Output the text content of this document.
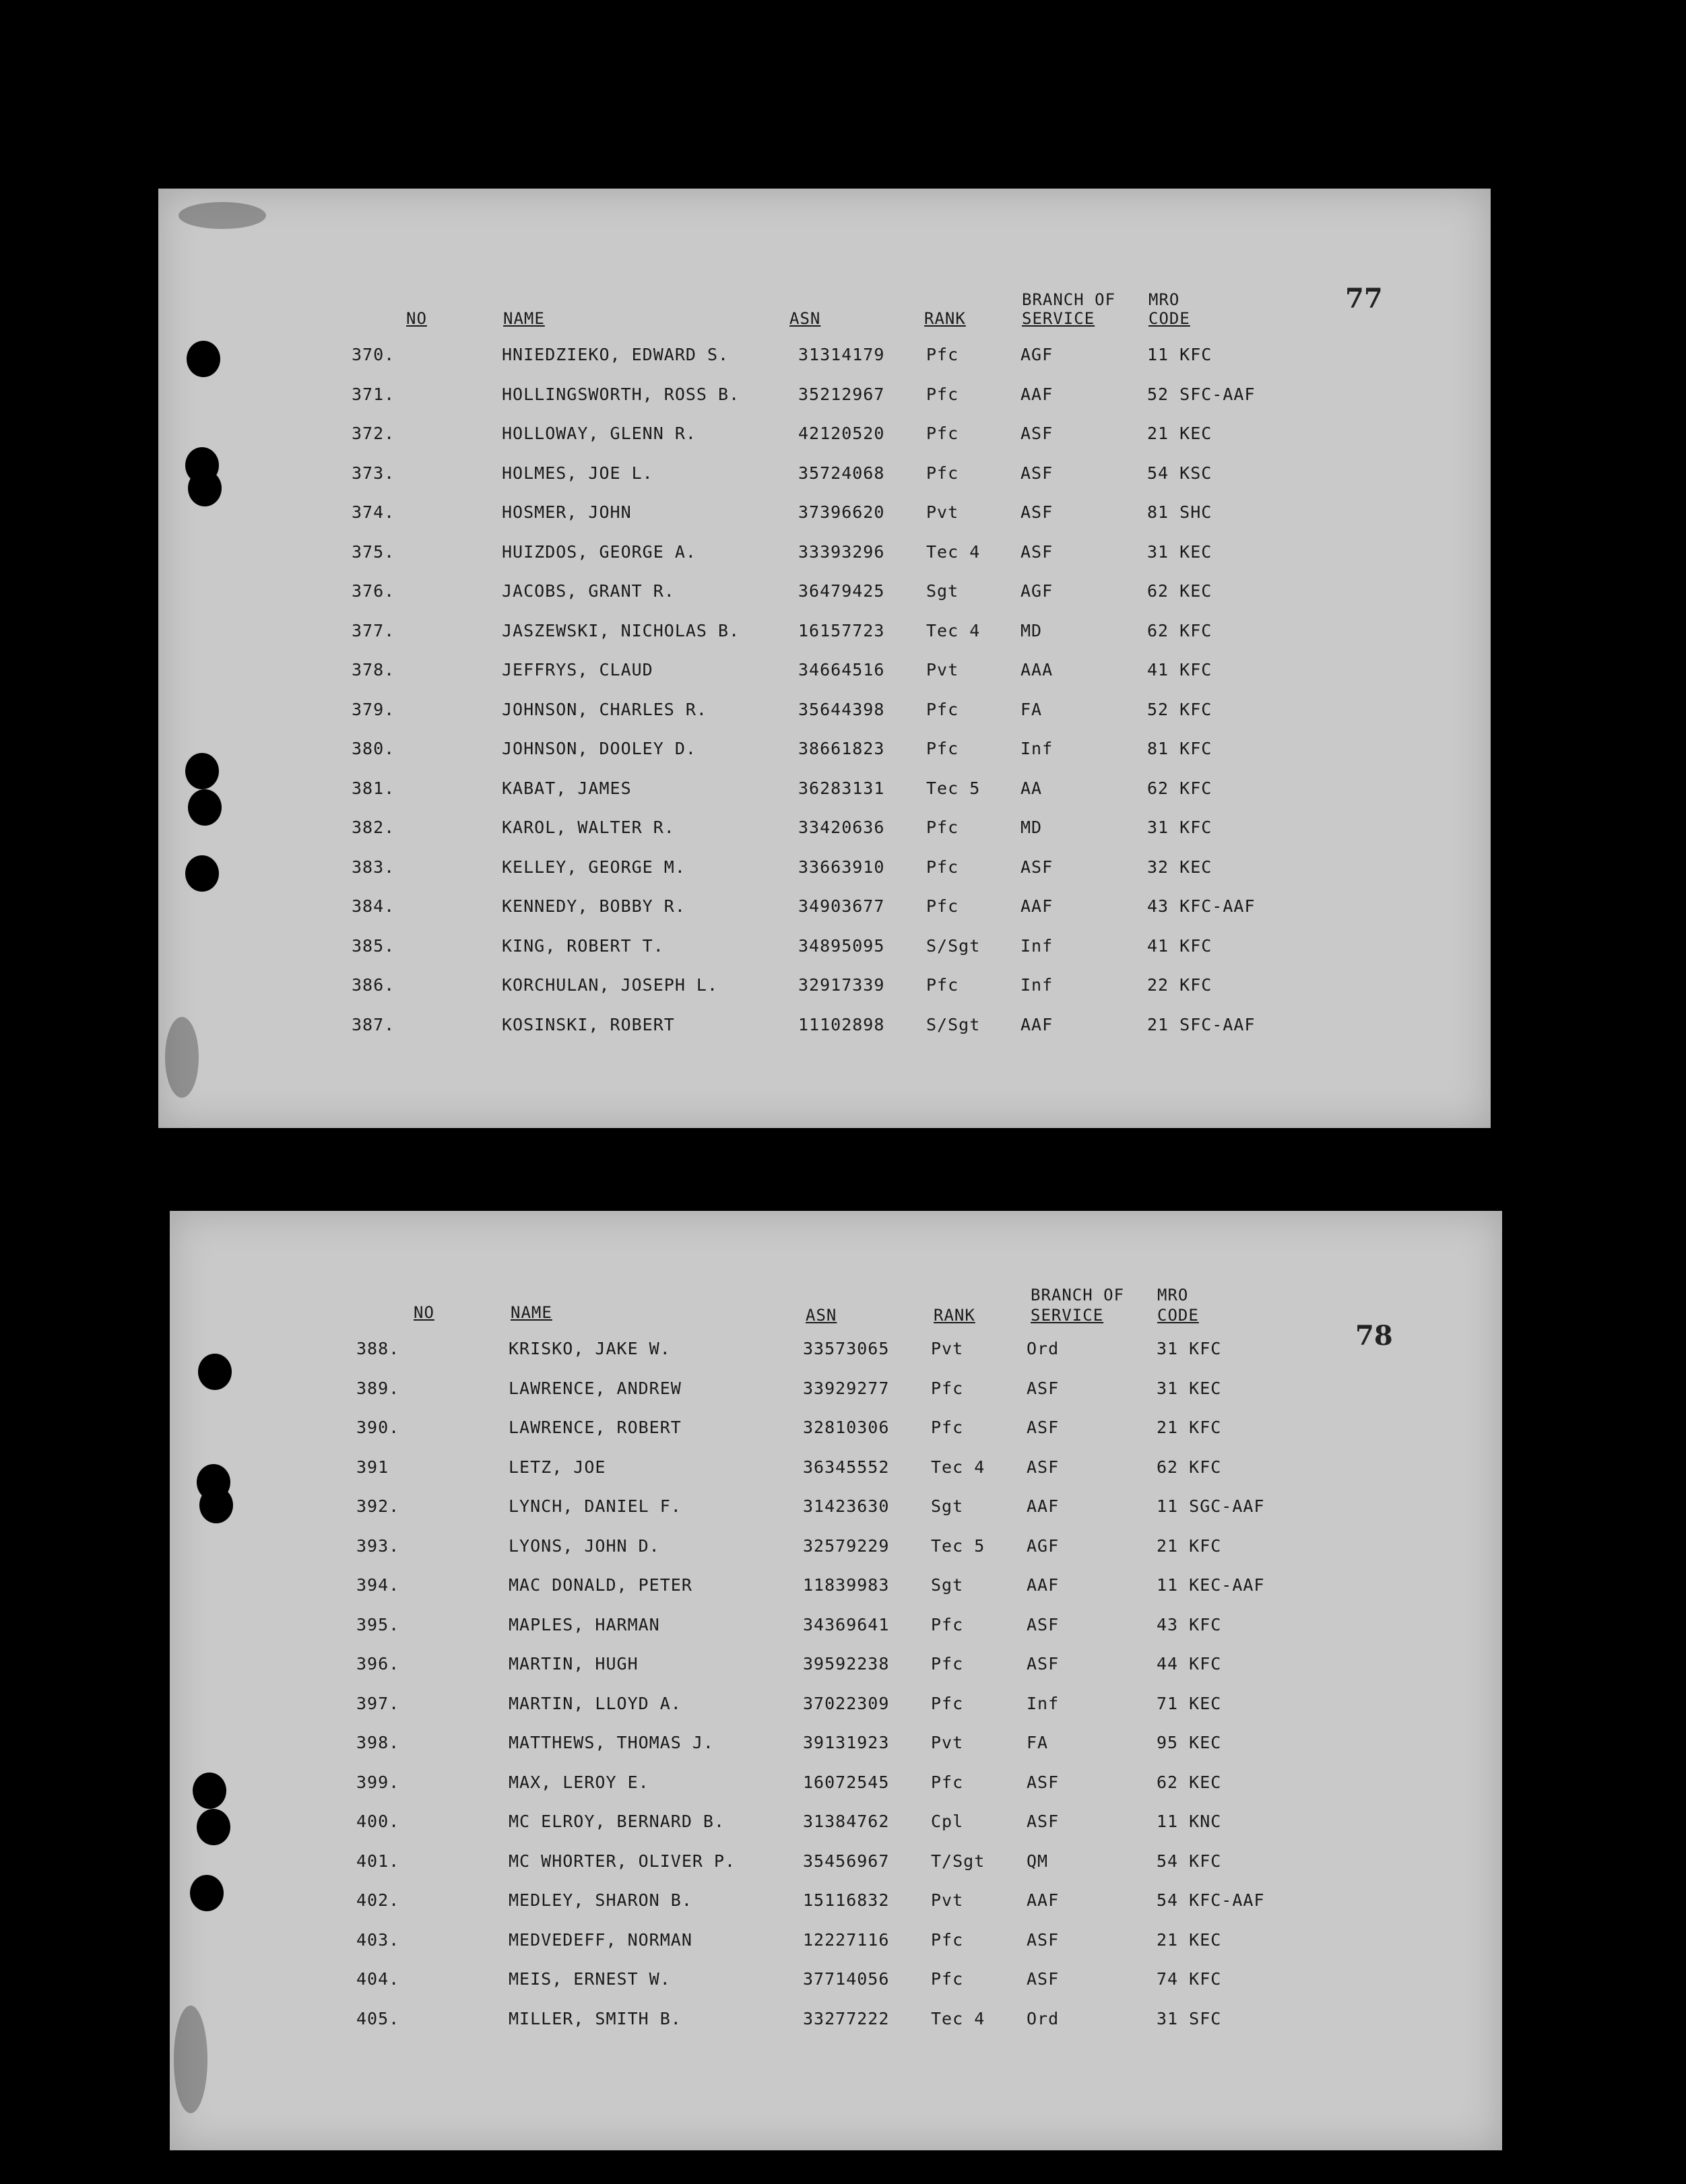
77
NO	NAME	ASN	RANK
BRANCH OF
SERVICE
MRO
CODE
370.	HNIEDZIEKO, EDWARD S.	31314179 Pfc	AGF	11 KFC
371.	HOLLINGSWORTH, ROSS B.	35212967 Pfc	AAF	52 SFC-AAF
372.	HOLLOWAY, GLENN R.	42120520 Pfc	ASF	21 KEC
373.	HOLMES, JOE L.	35724068 Pfc	ASF	54 KSC
374.	HOSMER, JOHN	37396620 Pvt	ASF	81 SHC
375.	HUIZDOS, GEORGE A.	33393296 Tec 4 ASF	31 KEC
376.	JACOBS, GRANT R.	36479425 Sgt	AGF	62 KEC
377.	JASZEWSKI, NICHOLAS B.	16157723 Tec 4 MD	62 KFC
378.	JEFFRYS, CLAUD	34664516 Pvt	AAA	41 KFC
379.	JOHNSON, CHARLES R.	35644398 Pfc	FA	52 KFC
380.	JOHNSON, DOOLEY D.	38661823 Pfc	Inf	81 KFC
381.	KABAT, JAMES	36283131 Tec 5 AA	62 KFC
382.	KAROL, WALTER R.	33420636 Pfc	MD	31 KFC
383.	KELLEY, GEORGE M.	33663910 Pfc	ASF	32 KEC
384.	KENNEDY, BOBBY R.	34903677 Pfc	AAF	43 KFC-AAF
385.	KING, ROBERT T.	34895095 S/Sgt Inf	41 KFC
386.	KORCHULAN, JOSEPH L.	32917339 Pfc	Inf	22 KFC
387.	KOSINSKI, ROBERT	11102898 S/Sgt AAF	21 SFC-AAF
78
NO	NAME	ASN	RANK
BRANCH OF
SERVICE
MRO
CODE
388.	KRISKO, JAKE W.	33573065 Pvt	Ord	31 KFC
389.	LAWRENCE, ANDREW	33929277 Pfc	ASF	31 KEC
390.	LAWRENCE, ROBERT	32810306 Pfc	ASF	21 KFC
391	LETZ, JOE	36345552 Tec 4 ASF	62 KFC
392.	LYNCH, DANIEL F.	31423630 Sgt	AAF	11 SGC-AAF
393.	LYONS, JOHN D.	32579229 Tec 5 AGF	21 KFC
394.	MAC DONALD, PETER	11839983 Sgt	AAF	11 KEC-AAF
395.	MAPLES, HARMAN	34369641 Pfc	ASF	43 KFC
396.	MARTIN, HUGH	39592238 Pfc	ASF	44 KFC
397.	MARTIN, LLOYD A.	37022309 Pfc	Inf	71 KEC
398.	MATTHEWS, THOMAS J.	39131923 Pvt	FA	95 KEC
399.	MAX, LEROY E.	16072545 Pfc	ASF	62 KEC
400.	MC ELROY, BERNARD B.	31384762 Cpl	ASF	11 KNC
401.	MC WHORTER, OLIVER P.	35456967 T/Sgt QM	54 KFC
402.	MEDLEY, SHARON B.	15116832 Pvt	AAF	54 KFC-AAF
403.	MEDVEDEFF, NORMAN	12227116 Pfc	ASF	21 KEC
404.	MEIS, ERNEST W.	37714056 Pfc	ASF	74 KFC
405.	MILLER, SMITH B.	33277222 Tec 4 Ord	31 SFC
